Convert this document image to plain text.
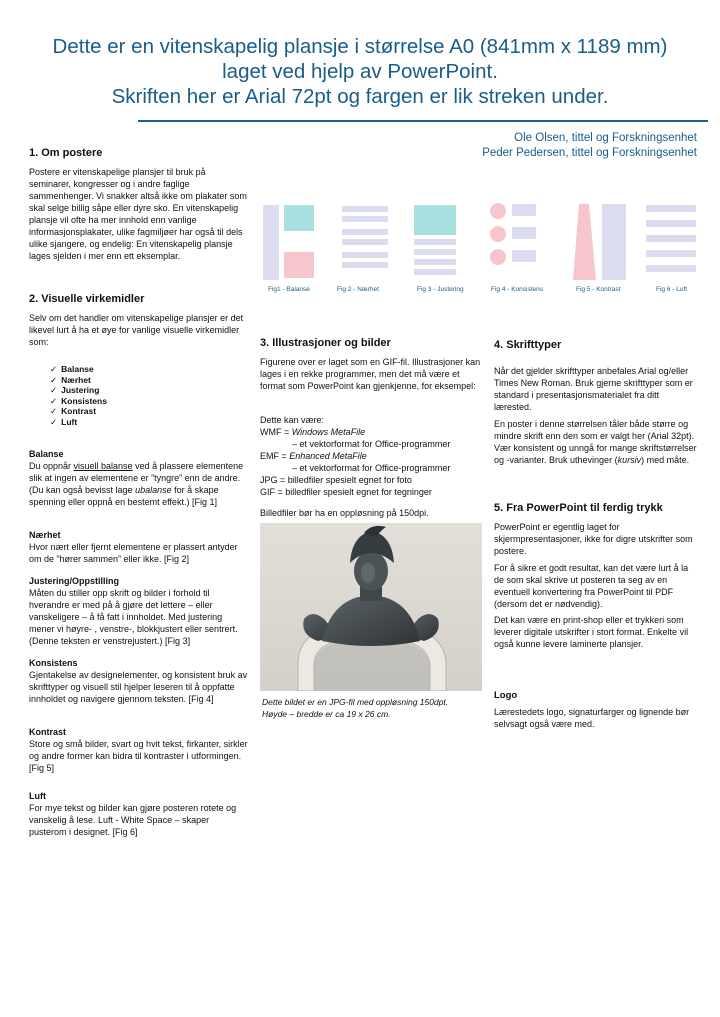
Dette er en vitenskapelig plansje i størrelse A0 (841mm x 1189 mm)
laget ved hjelp av PowerPoint.
Skriften her er Arial 72pt og fargen er lik streken under.
Ole Olsen, tittel og Forskningsenhet
Peder Pedersen, tittel og Forskningsenhet
1. Om postere

Postere er vitenskapelige plansjer til bruk på seminarer, kongresser og i andre faglige sammenhenger. Vi snakker altså ikke om plakater som skal selge billig såpe eller dyre sko. En vitenskapelig plansje vil ofte ha mer innhold enn vanlige informasjonsplakater, ulike fagmiljøer har også til dels ulike sjangere, og endelig: En vitenskapelig plansje lages sjelden i mer enn ett eksemplar.

2. Visuelle virkemidler

Selv om det handler om vitenskapelige plansjer er det likevel lurt å ha et øye for vanlige visuelle virkemidler som:

✓ Balanse
✓ Nærhet
✓ Justering
✓ Konsistens
✓ Kontrast
✓ Luft
Balanse
Du oppnår visuell balanse ved å plassere elementene slik at ingen av elementene er ”tyngre” enn de andre. (Du kan også bevisst lage ubalanse for å skape spenning eller oppnå en bestemt effekt.) [Fig 1]
Nærhet
Hvor nært eller fjernt elementene er plassert antyder om de ”hører sammen” eller ikke. [Fig 2]
Justering/Oppstilling
Måten du stiller opp skrift og bilder i forhold til hverandre er med på å gjøre det lettere – eller vanskeligere – å få fatt i innholdet. Med justering mener vi høyre- , venstre-, blokkjustert eller sentrert. (Denne teksten er venstrejustert.) [Fig 3]
Konsistens
Gjentakelse av designelementer, og konsistent bruk av skrifttyper og visuell stil hjelper leseren til å oppfatte innholdet og navigere gjennom teksten. [Fig 4]
Kontrast
Store og små bilder, svart og hvit tekst, firkanter, sirkler og andre former kan bidra til kontraster i utformingen. [Fig 5]
Luft
For mye tekst og bilder kan gjøre posteren rotete og vanskelig å lese. Luft - White Space – skaper pusterom i designet. [Fig 6]
Fig1 - Balanse	Fig 2 - Nærhet	Fig 3 - Justering	Fig 4 - Konsistens	Fig 5 - Kontrast	Fig 6 - Luft
3. Illustrasjoner og bilder

Figurene over er laget som en GIF-fil. Illustrasjoner kan lages i en rekke programmer, men det må være et format som PowerPoint kan gjenkjenne, for eksempel:

Dette kan være:
WMF = Windows MetaFile
– et vektorformat for Office-programmer
EMF = Enhanced MetaFile
– et vektorformat for Office-programmer
JPG = billedfiler spesielt egnet for foto
GIF = billedfiler spesielt egnet for tegninger

Billedfiler bør ha en oppløsning på 150dpi.

Dette bildet er en JPG-fil med oppløsning 150dpt.
Høyde – bredde er ca 19 x 26 cm.
4. Skrifttyper

Når det gjelder skrifttyper anbefales Arial og/eller Times New Roman. Bruk gjerne skrifttyper som er standard i presentasjonsmaterialet fra ditt lærested.

En poster i denne størrelsen tåler både større og mindre skrift enn den som er valgt her (Arial 32pt). Vær konsistent og unngå for mange skriftstørrelser og -varianter. Bruk uthevinger (kursiv) med måte.

5. Fra PowerPoint til ferdig trykk

PowerPoint er egentlig laget for skjermpresentasjoner, ikke for digre utskrifter som postere.

For å sikre et godt resultat, kan det være lurt å la de som skal skrive ut posteren ta seg av en eventuell konvertering fra PowerPoint til PDF (dersom det er nødvendig).

Det kan være en print-shop eller et trykkeri som leverer digitale utskrifter i stort format. Enkelte vil også kunne levere laminerte plansjer.

Logo

Lærestedets logo, signaturfarger og lignende bør selvsagt også være med.
